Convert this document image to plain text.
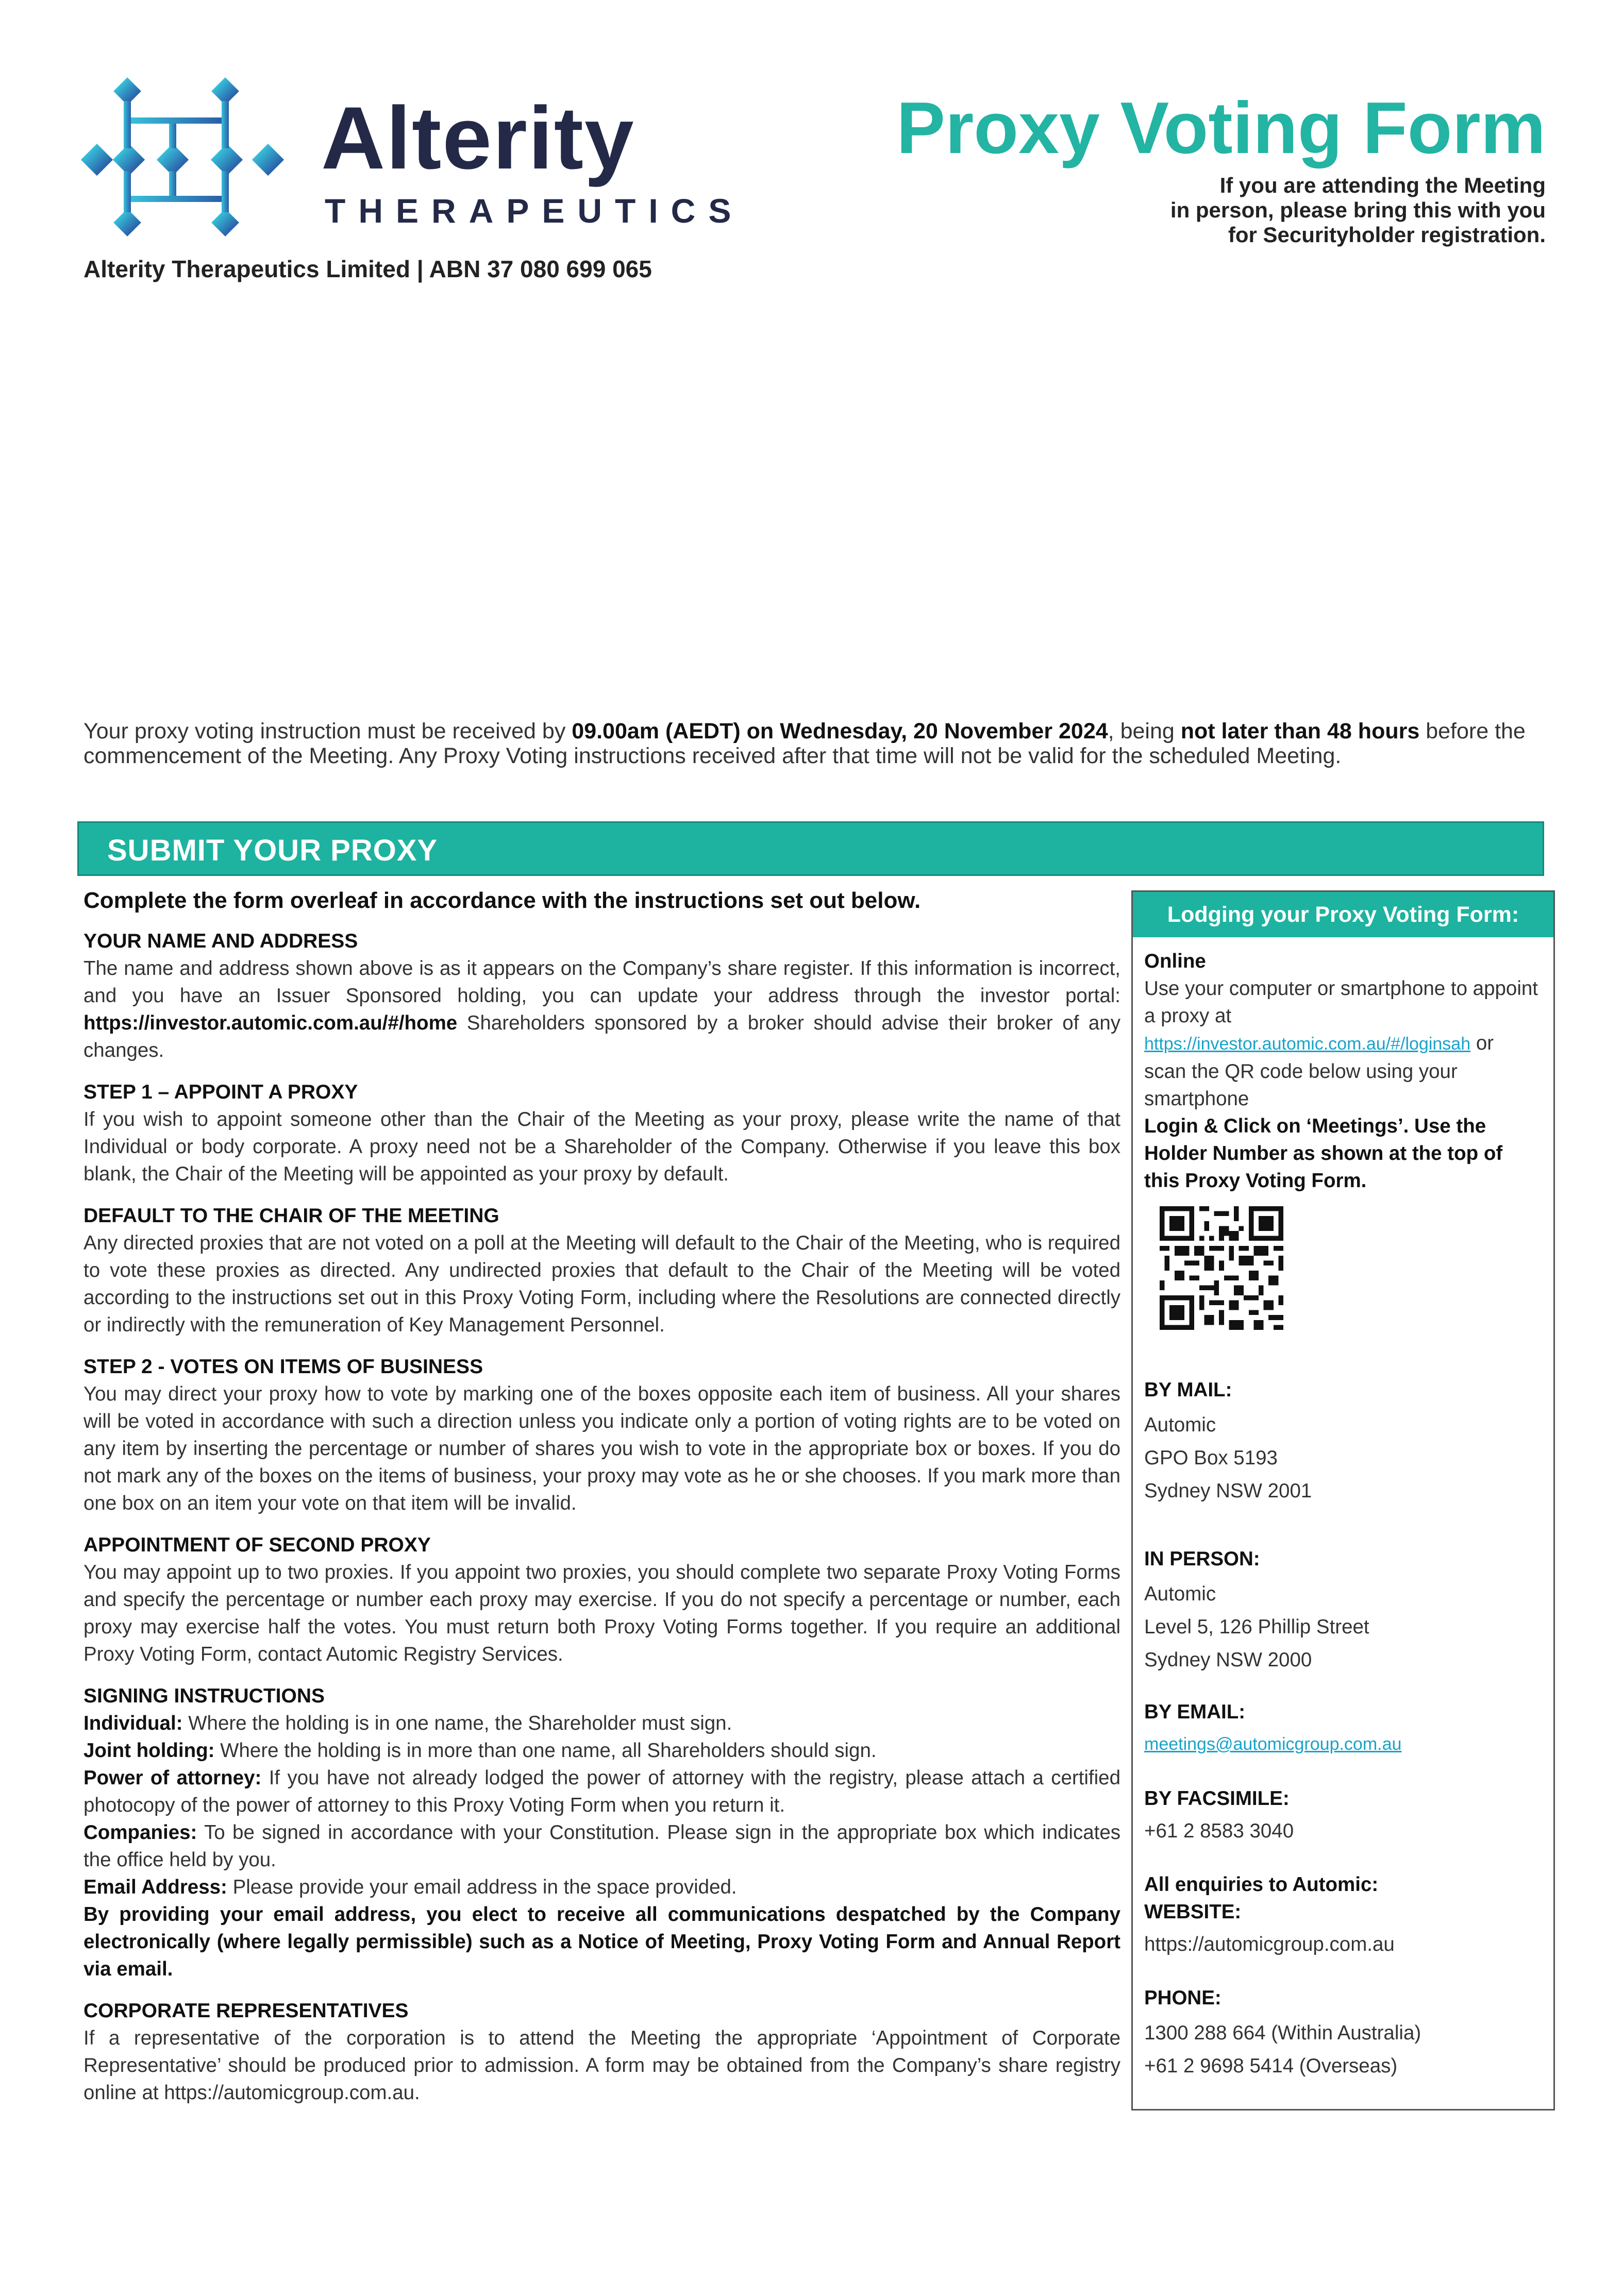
Alterity
THERAPEUTICS
Alterity Therapeutics Limited | ABN 37 080 699 065
Proxy Voting Form
If you are attending the Meeting
in person, please bring this with you
for Securityholder registration.
Your proxy voting instruction must be received by 09.00am (AEDT) on Wednesday, 20 November 2024, being not later than 48 hours before the commencement of the Meeting. Any Proxy Voting instructions received after that time will not be valid for the scheduled Meeting.
SUBMIT YOUR PROXY

Complete the form overleaf in accordance with the instructions set out below.

YOUR NAME AND ADDRESS

The name and address shown above is as it appears on the Company’s share register. If this information is incorrect, and you have an Issuer Sponsored holding, you can update your address through the investor portal: https://investor.automic.com.au/#/home Shareholders sponsored by a broker should advise their broker of any changes.

STEP 1 – APPOINT A PROXY

If you wish to appoint someone other than the Chair of the Meeting as your proxy, please write the name of that Individual or body corporate. A proxy need not be a Shareholder of the Company. Otherwise if you leave this box blank, the Chair of the Meeting will be appointed as your proxy by default.

DEFAULT TO THE CHAIR OF THE MEETING

Any directed proxies that are not voted on a poll at the Meeting will default to the Chair of the Meeting, who is required to vote these proxies as directed. Any undirected proxies that default to the Chair of the Meeting will be voted according to the instructions set out in this Proxy Voting Form, including where the Resolutions are connected directly or indirectly with the remuneration of Key Management Personnel.

STEP 2 - VOTES ON ITEMS OF BUSINESS

You may direct your proxy how to vote by marking one of the boxes opposite each item of business. All your shares will be voted in accordance with such a direction unless you indicate only a portion of voting rights are to be voted on any item by inserting the percentage or number of shares you wish to vote in the appropriate box or boxes. If you do not mark any of the boxes on the items of business, your proxy may vote as he or she chooses. If you mark more than one box on an item your vote on that item will be invalid.

APPOINTMENT OF SECOND PROXY

You may appoint up to two proxies. If you appoint two proxies, you should complete two separate Proxy Voting Forms and specify the percentage or number each proxy may exercise. If you do not specify a percentage or number, each proxy may exercise half the votes. You must return both Proxy Voting Forms together. If you require an additional Proxy Voting Form, contact Automic Registry Services.

SIGNING INSTRUCTIONS
Individual: Where the holding is in one name, the Shareholder must sign.
Joint holding: Where the holding is in more than one name, all Shareholders should sign.
Power of attorney: If you have not already lodged the power of attorney with the registry, please attach a certified photocopy of the power of attorney to this Proxy Voting Form when you return it.
Companies: To be signed in accordance with your Constitution. Please sign in the appropriate box which indicates the office held by you.
Email Address: Please provide your email address in the space provided.
By providing your email address, you elect to receive all communications despatched by the Company electronically (where legally permissible) such as a Notice of Meeting, Proxy Voting Form and Annual Report via email.
CORPORATE REPRESENTATIVES

If a representative of the corporation is to attend the Meeting the appropriate ‘Appointment of Corporate Representative’ should be produced prior to admission. A form may be obtained from the Company’s share registry online at https://automicgroup.com.au.

Lodging your Proxy Voting Form:
Online
Use your computer or smartphone to appoint a proxy at
https://investor.automic.com.au/#/loginsah or
scan the QR code below using your smartphone
Login & Click on ‘Meetings’. Use the Holder Number as shown at the top of this Proxy Voting Form.
BY MAIL:
Automic
GPO Box 5193
Sydney NSW 2001
IN PERSON:
Automic
Level 5, 126 Phillip Street
Sydney NSW 2000
BY EMAIL:
meetings@automicgroup.com.au
BY FACSIMILE:
+61 2 8583 3040
All enquiries to Automic:
WEBSITE:
https://automicgroup.com.au
PHONE:
1300 288 664 (Within Australia)
+61 2 9698 5414 (Overseas)
